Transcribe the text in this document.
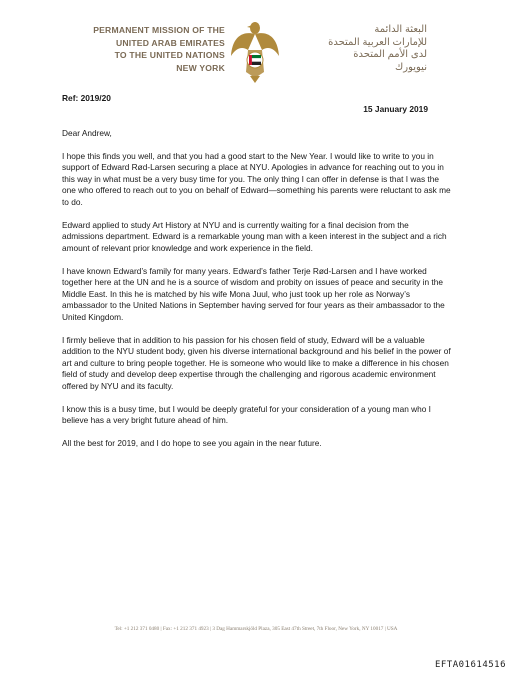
PERMANENT MISSION OF THE
UNITED ARAB EMIRATES
TO THE UNITED NATIONS
NEW YORK
البعثة الدائمة
للإمارات العربية المتحدة
لدى الأمم المتحدة
نيويورك
Ref: 2019/20
15 January 2019

Dear Andrew,

I hope this finds you well, and that you had a good start to the New Year. I would like to write to you in support of Edward Rød-Larsen securing a place at NYU. Apologies in advance for reaching out to you in this way in what must be a very busy time for you. The only thing I can offer in defense is that I was the one who offered to reach out to you on behalf of Edward—something his parents were reluctant to ask me to do.

Edward applied to study Art History at NYU and is currently waiting for a final decision from the admissions department. Edward is a remarkable young man with a keen interest in the subject and a rich amount of relevant prior knowledge and work experience in the field.

I have known Edward’s family for many years. Edward’s father Terje Rød-Larsen and I have worked together here at the UN and he is a source of wisdom and probity on issues of peace and security in the Middle East. In this he is matched by his wife Mona Juul, who just took up her role as Norway’s ambassador to the United Nations in September having served for four years as their ambassador to the United Kingdom.

I firmly believe that in addition to his passion for his chosen field of study, Edward will be a valuable addition to the NYU student body, given his diverse international background and his belief in the power of art and culture to bring people together. He is someone who would like to make a difference in his chosen field of study and develop deep expertise through the challenging and rigorous academic environment offered by NYU and its faculty.

I know this is a busy time, but I would be deeply grateful for your consideration of a young man who I believe has a very bright future ahead of him.

All the best for 2019, and I do hope to see you again in the near future.

Tel: +1 212 371 0480 | Fax: +1 212 371 4923 | 3 Dag Hammarskjöld Plaza, 305 East 47th Street, 7th Floor, New York, NY 10017 | USA
EFTA01614516
